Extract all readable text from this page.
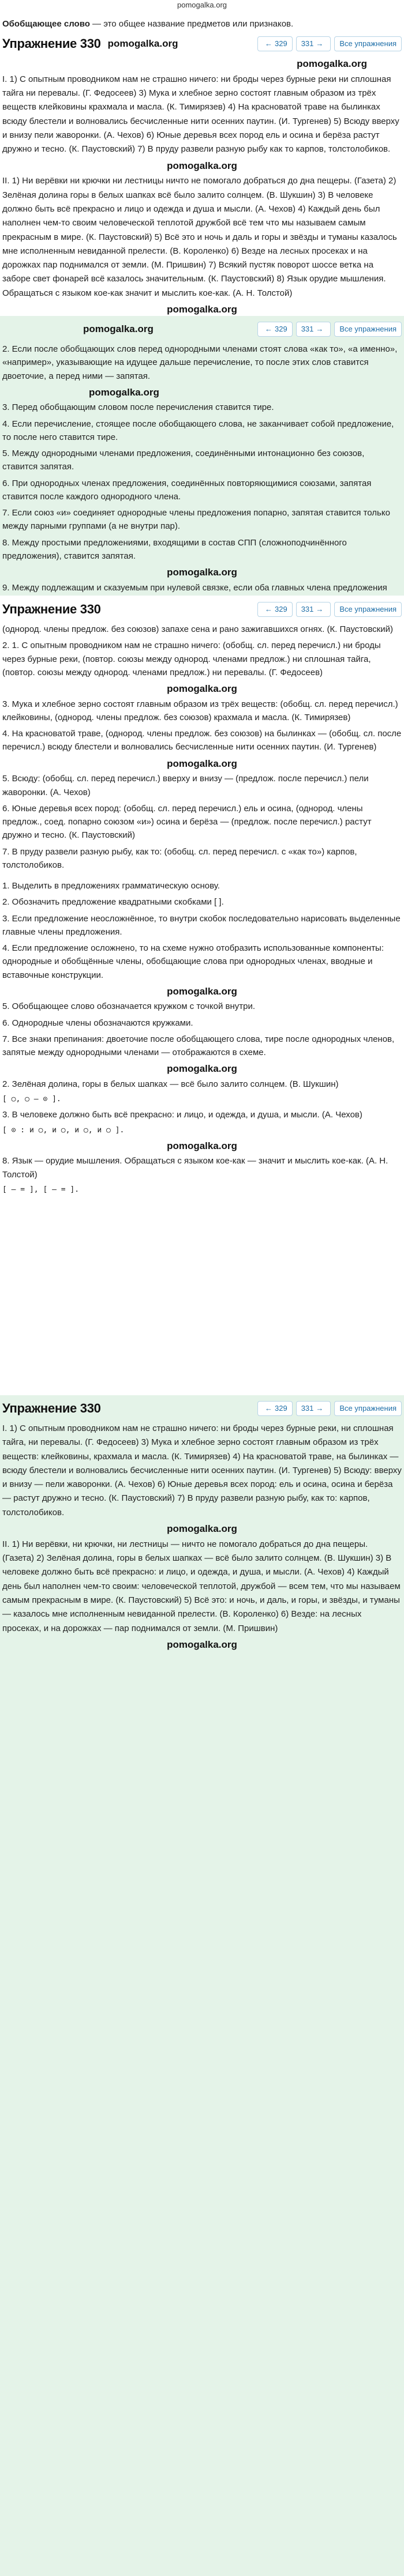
pomogalka.org

Обобщающее слово — это общее название предметов или признаков.

Упражнение 330 pomogalka.org	← 329 331 →	Все упражнения
pomogalka.org

I. 1) С опытным проводником нам не страшно ничего: ни броды через бурные реки ни сплошная тайга ни перевалы. (Г. Федосеев) 3) Мука и хлебное зерно состоят главным образом из трёх веществ клейковины крахмала и масла. (К. Тимирязев) 4) На красноватой траве на былинках всюду блестели и волновались бесчисленные нити осенних паутин. (И. Тургенев) 5) Всюду вверху и внизу пели жаворонки. (А. Чехов) 6) Юные деревья всех пород ель и осина и берёза растут дружно и тесно. (К. Паустовский) 7) В пруду развели разную рыбу как то карпов, толстолобиков.

pomogalka.org

II. 1) Ни верёвки ни крючки ни лестницы ничто не помогало добраться до дна пещеры. (Газета) 2) Зелёная долина горы в белых шапках всё было залито солнцем. (В. Шукшин) 3) В человеке должно быть всё прекрасно и лицо и одежда и душа и мысли. (А. Чехов) 4) Каждый день был наполнен чем-то своим человеческой теплотой дружбой всё тем что мы называем самым прекрасным в мире. (К. Паустовский) 5) Всё это и ночь и даль и горы и звёзды и туманы казалось мне исполненным невиданной прелести. (В. Короленко) 6) Везде на лесных просеках и на дорожках пар поднимался от земли. (М. Пришвин) 7) Всякий пустяк поворот шоссе ветка на заборе свет фонарей всё казалось значительным. (К. Паустовский) 8) Язык орудие мышления. Обращаться с языком кое-как значит и мыслить кое-как. (А. Н. Толстой)

pomogalka.org
pomogalka.org	← 329 331 →	Все упражнения

2. Если после обобщающих слов перед однородными членами стоят слова «как то», «а именно», «например», указывающие на идущее дальше перечисление, то после этих слов ставится двоеточие, а перед ними — запятая.

pomogalka.org

3. Перед обобщающим словом после перечисления ставится тире.

4. Если перечисление, стоящее после обобщающего слова, не заканчивает собой предложение, то после него ставится тире.

5. Между однородными членами предложения, соединёнными интонационно без союзов, ставится запятая.

6. При однородных членах предложения, соединённых повторяющимися союзами, запятая ставится после каждого однородного члена.

7. Если союз «и» соединяет однородные члены предложения попарно, запятая ставится только между парными группами (а не внутри пар).

8. Между простыми предложениями, входящими в состав СПП (сложноподчинённого предложения), ставится запятая.

pomogalka.org

9. Между подлежащим и сказуемым при нулевой связке, если оба главных члена предложения

Упражнение 330	← 329 331 →	Все упражнения

(однород. члены предлож. без союзов) запахе сена и рано зажигавшихся огнях. (К. Паустовский)

2. 1. С опытным проводником нам не страшно ничего: (обобщ. сл. перед перечисл.) ни броды через бурные реки, (повтор. союзы между однород. членами предлож.) ни сплошная тайга, (повтор. союзы между однород. членами предлож.) ни перевалы. (Г. Федосеев)

pomogalka.org

3. Мука и хлебное зерно состоят главным образом из трёх веществ: (обобщ. сл. перед перечисл.) клейковины, (однород. члены предлож. без союзов) крахмала и масла. (К. Тимирязев)

4. На красноватой траве, (однород. члены предлож. без союзов) на былинках — (обобщ. сл. после перечисл.) всюду блестели и волновались бесчисленные нити осенних паутин. (И. Тургенев)

pomogalka.org

5. Всюду: (обобщ. сл. перед перечисл.) вверху и внизу — (предлож. после перечисл.) пели жаворонки. (А. Чехов)

6. Юные деревья всех пород: (обобщ. сл. перед перечисл.) ель и осина, (однород. члены предлож., соед. попарно союзом «и») осина и берёза — (предлож. после перечисл.) растут дружно и тесно. (К. Паустовский)

7. В пруду развели разную рыбу, как то: (обобщ. сл. перед перечисл. с «как то») карпов, толстолобиков.

1. Выделить в предложениях грамматическую основу.

2. Обозначить предложение квадратными скобками [ ].

3. Если предложение неосложнённое, то внутри скобок последовательно нарисовать выделенные главные члены предложения.

4. Если предложение осложнено, то на схеме нужно отобразить использованные компоненты: однородные и обобщённые члены, обобщающие слова при однородных членах, вводные и вставочные конструкции.

pomogalka.org

5. Обобщающее слово обозначается кружком с точкой внутри.

6. Однородные члены обозначаются кружками.

7. Все знаки препинания: двоеточие после обобщающего слова, тире после однородных членов, запятые между однородными членами — отображаются в схеме.

pomogalka.org

2. Зелёная долина, горы в белых шапках — всё было залито солнцем. (В. Шукшин)

[ ○, ○ — ⊙ ].

3. В человеке должно быть всё прекрасно: и лицо, и одежда, и душа, и мысли. (А. Чехов)

[ ⊙ : и ○, и ○, и ○, и ○ ].

pomogalka.org

8. Язык — орудие мышления. Обращаться с языком кое-как — значит и мыслить кое-как. (А. Н. Толстой)

[ — = ], [ — = ].

Упражнение 330	← 329 331 →	Все упражнения

I. 1) С опытным проводником нам не страшно ничего: ни броды через бурные реки, ни сплошная тайга, ни перевалы. (Г. Федосеев) 3) Мука и хлебное зерно состоят главным образом из трёх веществ: клейковины, крахмала и масла. (К. Тимирязев) 4) На красноватой траве, на былинках — всюду блестели и волновались бесчисленные нити осенних паутин. (И. Тургенев) 5) Всюду: вверху и внизу — пели жаворонки. (А. Чехов) 6) Юные деревья всех пород: ель и осина, осина и берёза — растут дружно и тесно. (К. Паустовский) 7) В пруду развели разную рыбу, как то: карпов, толстолобиков.

pomogalka.org

II. 1) Ни верёвки, ни крючки, ни лестницы — ничто не помогало добраться до дна пещеры. (Газета) 2) Зелёная долина, горы в белых шапках — всё было залито солнцем. (В. Шукшин) 3) В человеке должно быть всё прекрасно: и лицо, и одежда, и душа, и мысли. (А. Чехов) 4) Каждый день был наполнен чем-то своим: человеческой теплотой, дружбой — всем тем, что мы называем самым прекрасным в мире. (К. Паустовский) 5) Всё это: и ночь, и даль, и горы, и звёзды, и туманы — казалось мне исполненным невиданной прелести. (В. Короленко) 6) Везде: на лесных просеках, и на дорожках — пар поднимался от земли. (М. Пришвин)

pomogalka.org
